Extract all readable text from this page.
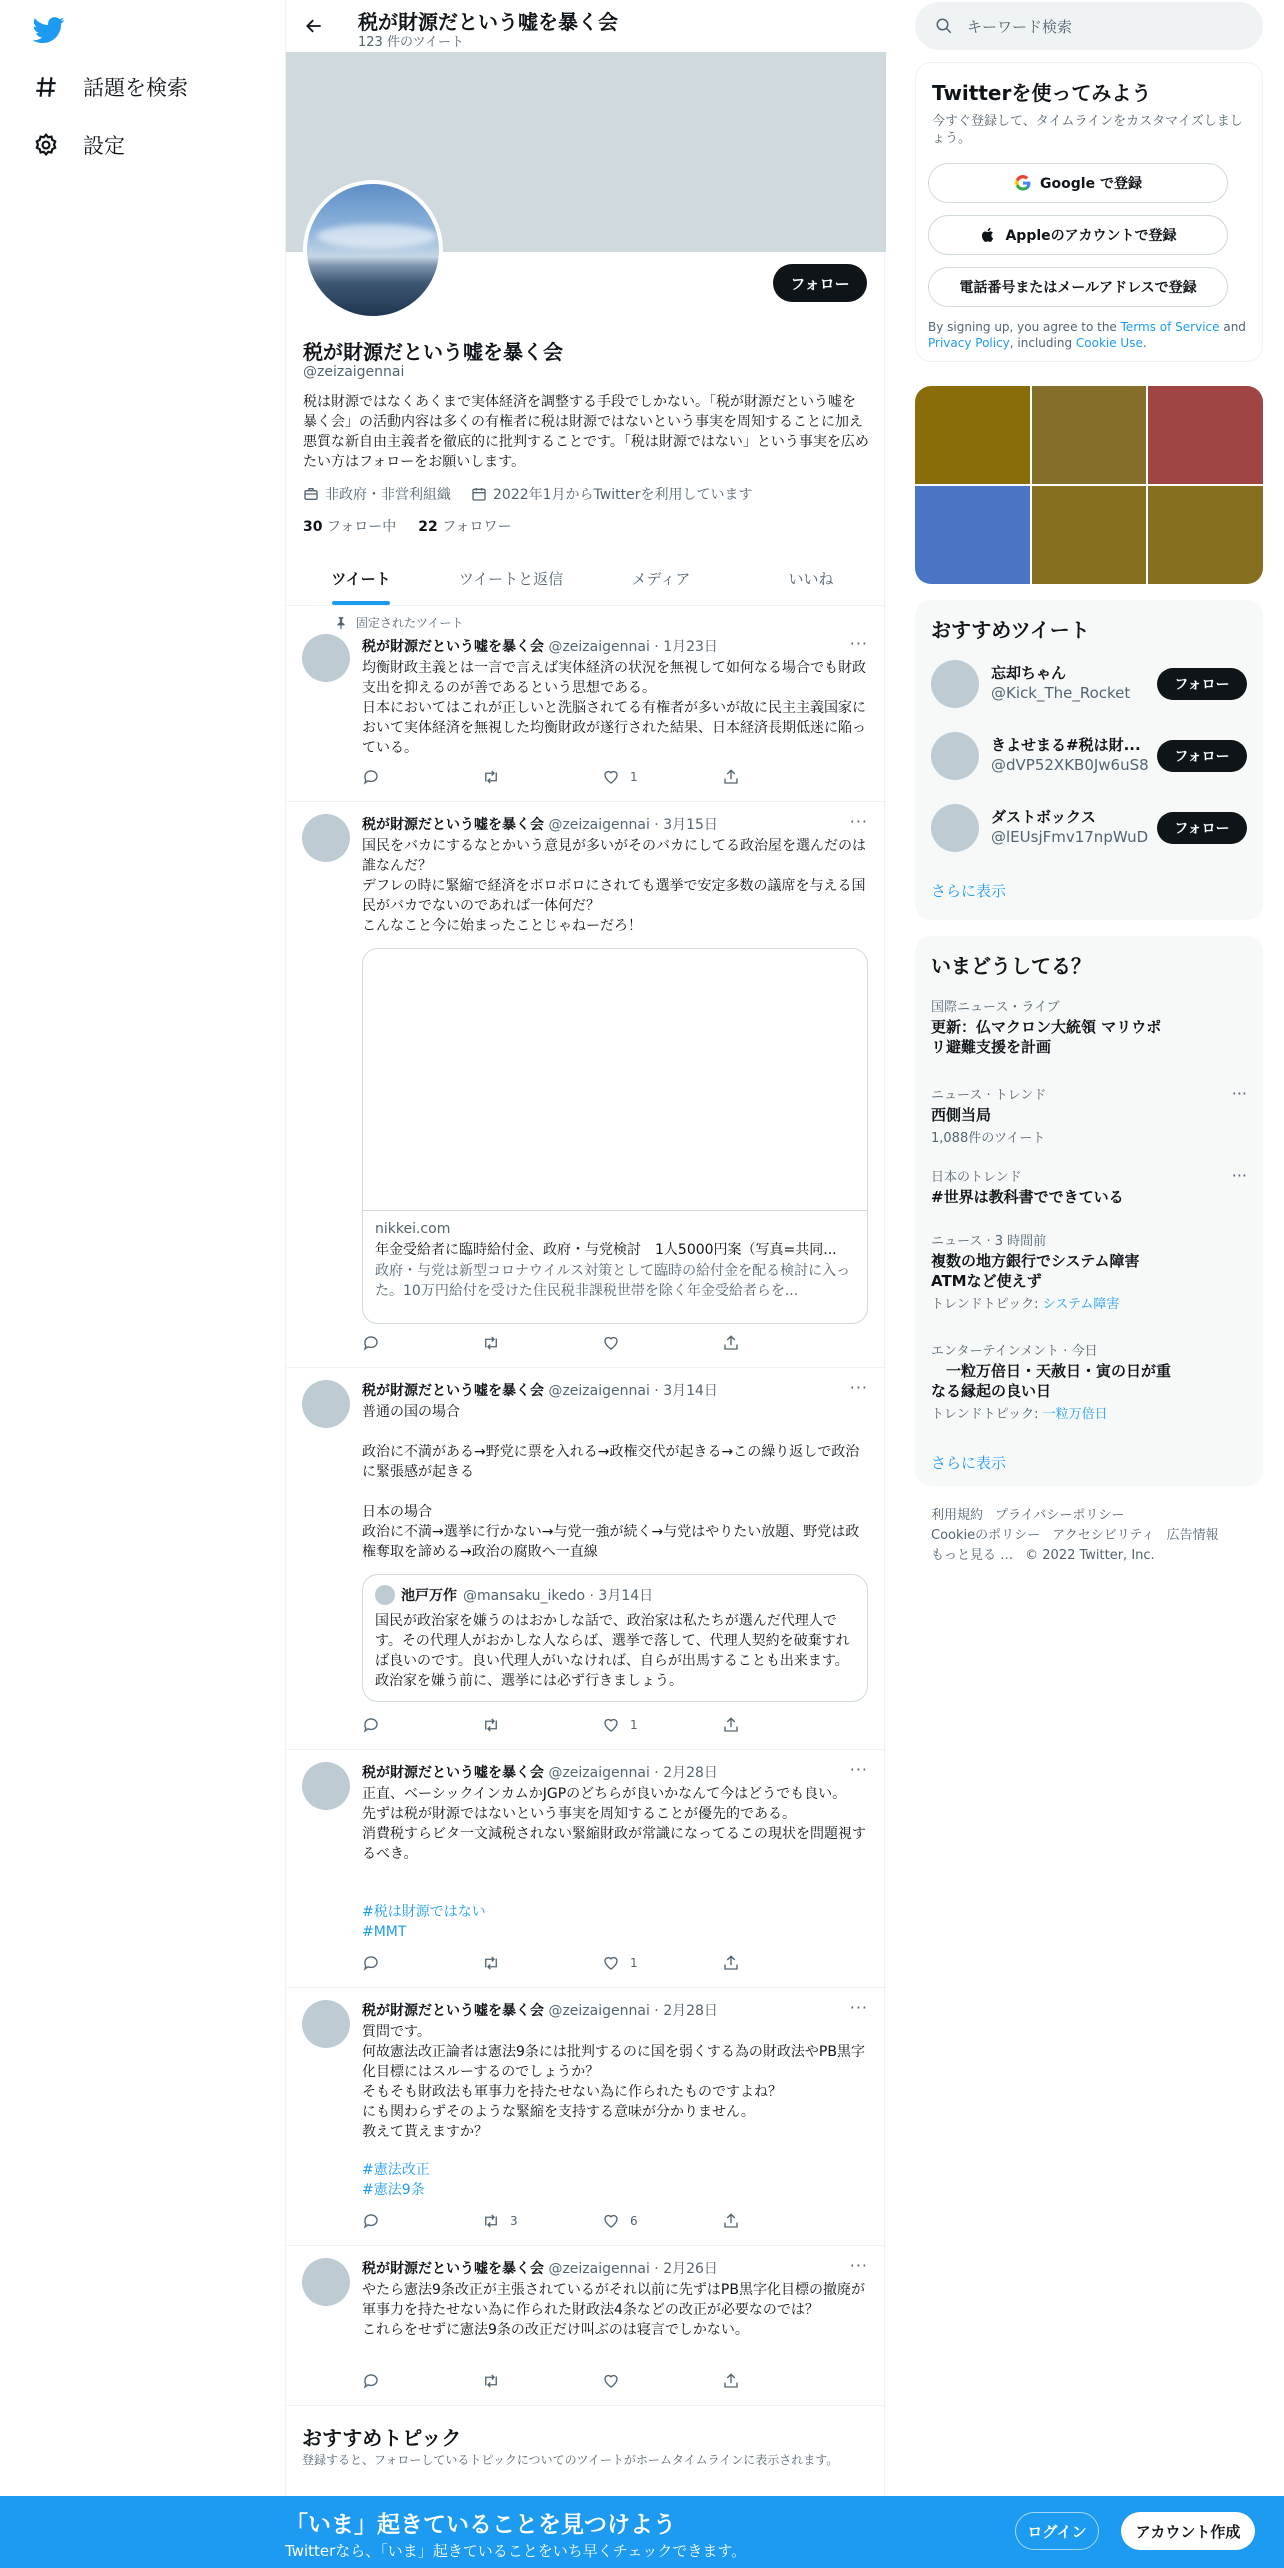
話題を検索
設定
税が財源だという嘘を暴く会
123 件のツイート
フォロー
税が財源だという嘘を暴く会
@zeizaigennai
税は財源ではなくあくまで実体経済を調整する手段でしかない。「税が財源だという嘘を暴く会」の活動内容は多くの有権者に税は財源ではないという事実を周知することに加え悪質な新自由主義者を徹底的に批判することです。「税は財源ではない」という事実を広めたい方はフォローをお願いします。
非政府・非営利組織	2022年1月からTwitterを利用しています
30 フォロー中 22 フォロワー
ツイート	ツイートと返信	メディア	いいね
固定されたツイート
税が財源だという嘘を暴く会 @zeizaigennai · 1月23日	···
均衡財政主義とは一言で言えば実体経済の状況を無視して如何なる場合でも財政支出を抑えるのが善であるという思想である。
日本においてはこれが正しいと洗脳されてる有権者が多いが故に民主主義国家において実体経済を無視した均衡財政が遂行された結果、日本経済長期低迷に陥っている。
1
税が財源だという嘘を暴く会 @zeizaigennai · 3月15日	···
国民をバカにするなとかいう意見が多いがそのバカにしてる政治屋を選んだのは誰なんだ？
デフレの時に緊縮で経済をボロボロにされても選挙で安定多数の議席を与える国民がバカでないのであれば一体何だ？
こんなこと今に始まったことじゃねーだろ！
nikkei.com
年金受給者に臨時給付金、政府・与党検討　1人5000円案（写真=共同...
政府・与党は新型コロナウイルス対策として臨時の給付金を配る検討に入った。10万円給付を受けた住民税非課税世帯を除く年金受給者らを...
税が財源だという嘘を暴く会 @zeizaigennai · 3月14日	···
普通の国の場合

政治に不満がある→野党に票を入れる→政権交代が起きる→この繰り返しで政治に緊張感が起きる

日本の場合
政治に不満→選挙に行かない→与党一強が続く→与党はやりたい放題、野党は政権奪取を諦める→政治の腐敗へ一直線
池戸万作 @mansaku_ikedo · 3月14日
国民が政治家を嫌うのはおかしな話で、政治家は私たちが選んだ代理人です。その代理人がおかしな人ならば、選挙で落して、代理人契約を破棄すれば良いのです。良い代理人がいなければ、自らが出馬することも出来ます。政治家を嫌う前に、選挙には必ず行きましょう。
1
税が財源だという嘘を暴く会 @zeizaigennai · 2月28日	···
正直、ベーシックインカムかJGPのどちらが良いかなんて今はどうでも良い。
先ずは税が財源ではないという事実を周知することが優先的である。
消費税すらビタ一文減税されない緊縮財政が常識になってるこの現状を問題視するべき。
#税は財源ではない
#MMT
1
税が財源だという嘘を暴く会 @zeizaigennai · 2月28日	···
質問です。
何故憲法改正論者は憲法9条には批判するのに国を弱くする為の財政法やPB黒字化目標にはスルーするのでしょうか？
そもそも財政法も軍事力を持たせない為に作られたものですよね？
にも関わらずそのような緊縮を支持する意味が分かりません。
教えて貰えますか？
#憲法改正
#憲法9条
3	6
税が財源だという嘘を暴く会 @zeizaigennai · 2月26日	···
やたら憲法9条改正が主張されているがそれ以前に先ずはPB黒字化目標の撤廃が軍事力を持たせない為に作られた財政法4条などの改正が必要なのでは？
これらをせずに憲法9条の改正だけ叫ぶのは寝言でしかない。
おすすめトピック
登録すると、フォローしているトピックについてのツイートがホームタイムラインに表示されます。
キーワード検索
Twitterを使ってみよう
今すぐ登録して、タイムラインをカスタマイズしましょう。
Google で登録
Appleのアカウントで登録
電話番号またはメールアドレスで登録
By signing up, you agree to the Terms of Service and Privacy Policy, including Cookie Use.
おすすめツイート
忘却ちゃん
@Kick_The_Rocket	フォロー
きよせまる#税は財...
@dVP52XKB0Jw6uS8	フォロー
ダストボックス
@lEUsjFmv17npWuD	フォロー
さらに表示
いまどうしてる？
国際ニュース・ライブ
更新：仏マクロン大統領 マリウポリ避難支援を計画
ニュース · トレンド
西側当局
1,088件のツイート
···
日本のトレンド
#世界は教科書でできている
···
ニュース · 3 時間前
複数の地方銀行でシステム障害 ATMなど使えず
トレンドトピック: システム障害
エンターテインメント · 今日
　一粒万倍日・天赦日・寅の日が重なる縁起の良い日
トレンドトピック: 一粒万倍日
さらに表示
利用規約 プライバシーポリシー
Cookieのポリシー アクセシビリティ 広告情報
もっと見る … © 2022 Twitter, Inc.
「いま」起きていることを見つけよう
Twitterなら、「いま」起きていることをいち早くチェックできます。
ログイン	アカウント作成
